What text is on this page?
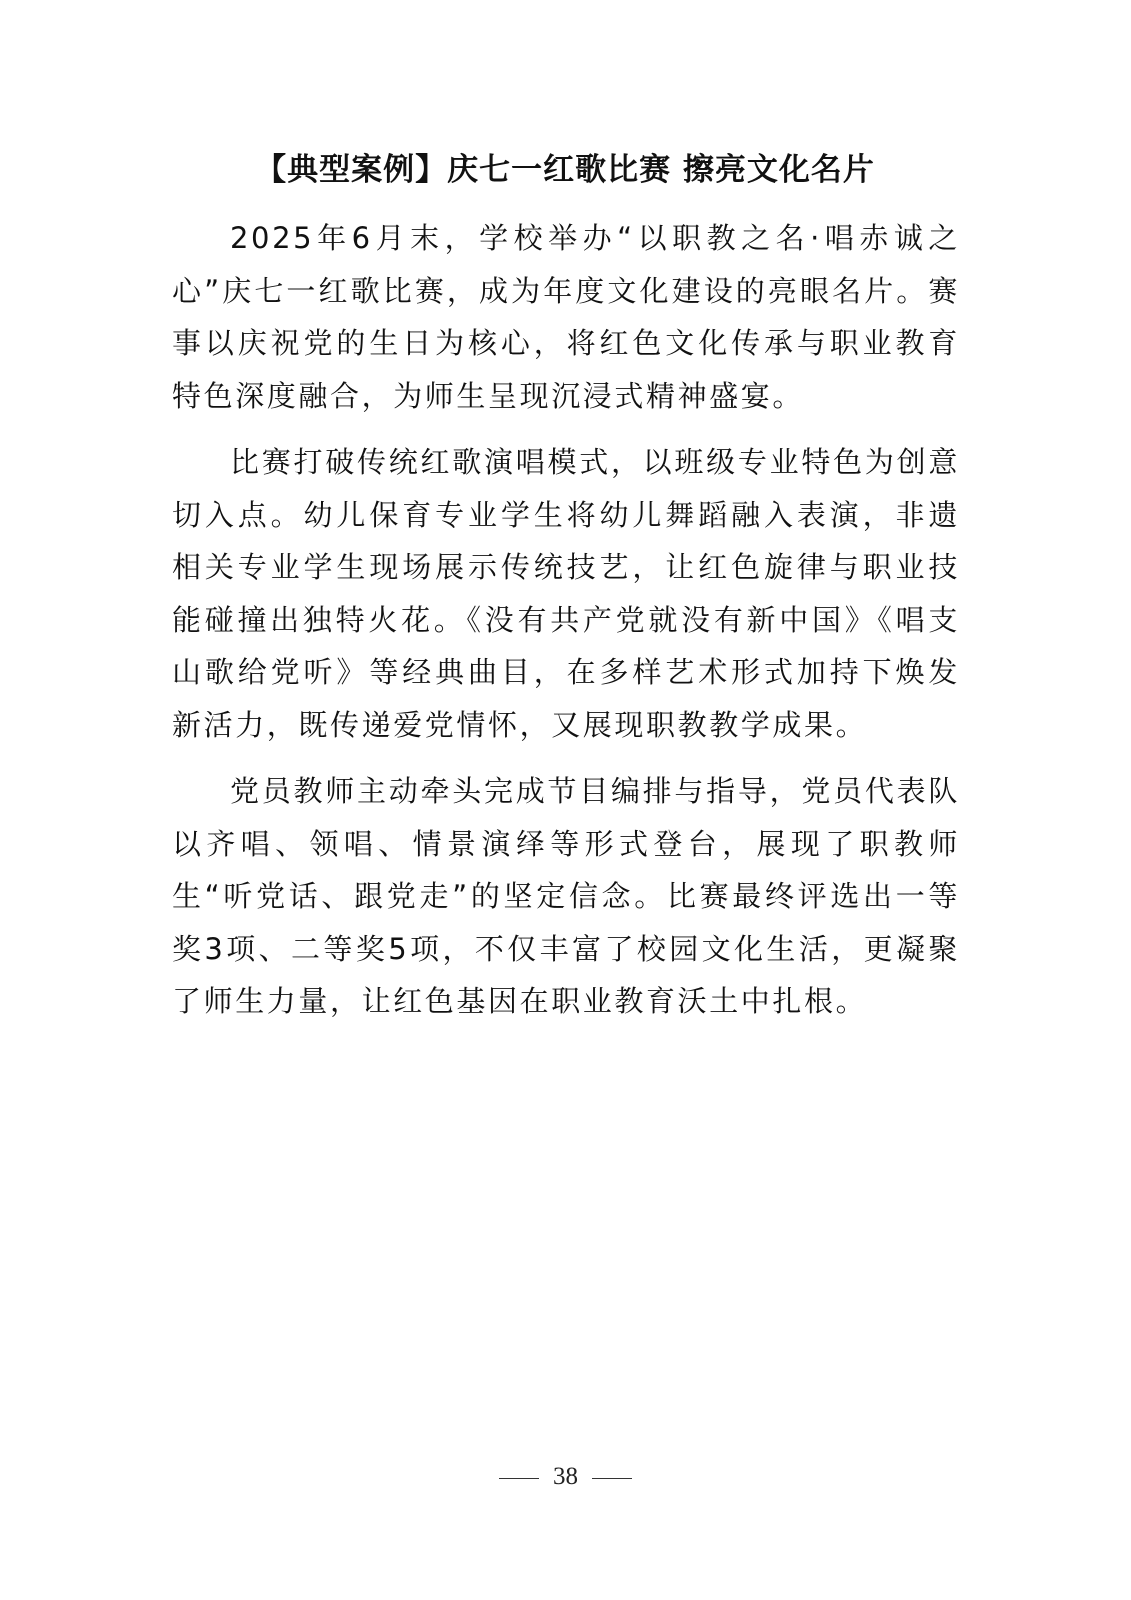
【典型案例】庆七一红歌比赛 擦亮文化名片

2025年6月末，学校举办“以职教之名·唱赤诚之心”庆七一红歌比赛，成为年度文化建设的亮眼名片。赛事以庆祝党的生日为核心，将红色文化传承与职业教育特色深度融合，为师生呈现沉浸式精神盛宴。

比赛打破传统红歌演唱模式，以班级专业特色为创意切入点。幼儿保育专业学生将幼儿舞蹈融入表演，非遗相关专业学生现场展示传统技艺，让红色旋律与职业技能碰撞出独特火花。《没有共产党就没有新中国》《唱支山歌给党听》等经典曲目，在多样艺术形式加持下焕发新活力，既传递爱党情怀，又展现职教教学成果。

党员教师主动牵头完成节目编排与指导，党员代表队以齐唱、领唱、情景演绎等形式登台，展现了职教师生“听党话、跟党走”的坚定信念。比赛最终评选出一等奖3项、二等奖5项，不仅丰富了校园文化生活，更凝聚了师生力量，让红色基因在职业教育沃土中扎根。

38
